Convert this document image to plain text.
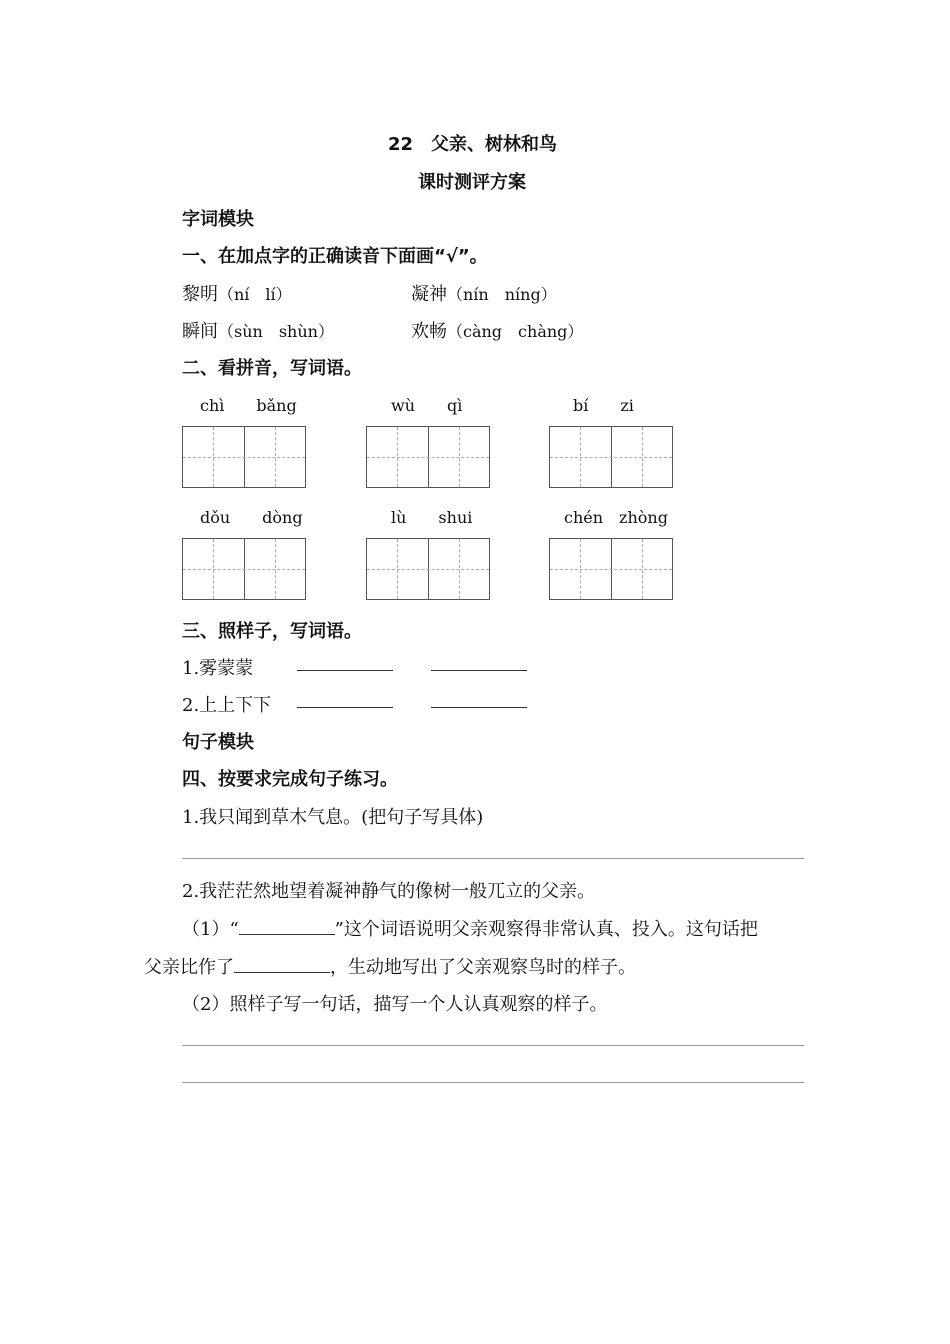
22　父亲、树林和鸟
课时测评方案
字词模块
一、在加点字的正确读音下面画“√”。
黎明（ní　lí）	凝神（nín　níng）
瞬间（sùn　shùn）	欢畅（càng　chàng）
二、看拼音，写词语。
chì　　bǎng	wù　　qì	bí　　zi
dǒu　　dòng	lù　　shui	chén　zhòng
三、照样子，写词语。
1.雾蒙蒙
2.上上下下
句子模块
四、按要求完成句子练习。
1.我只闻到草木气息。(把句子写具体)
2.我茫茫然地望着凝神静气的像树一般兀立的父亲。
（1）“	”这个词语说明父亲观察得非常认真、投入。这句话把
父亲比作了	，生动地写出了父亲观察鸟时的样子。
（2）照样子写一句话，描写一个人认真观察的样子。
